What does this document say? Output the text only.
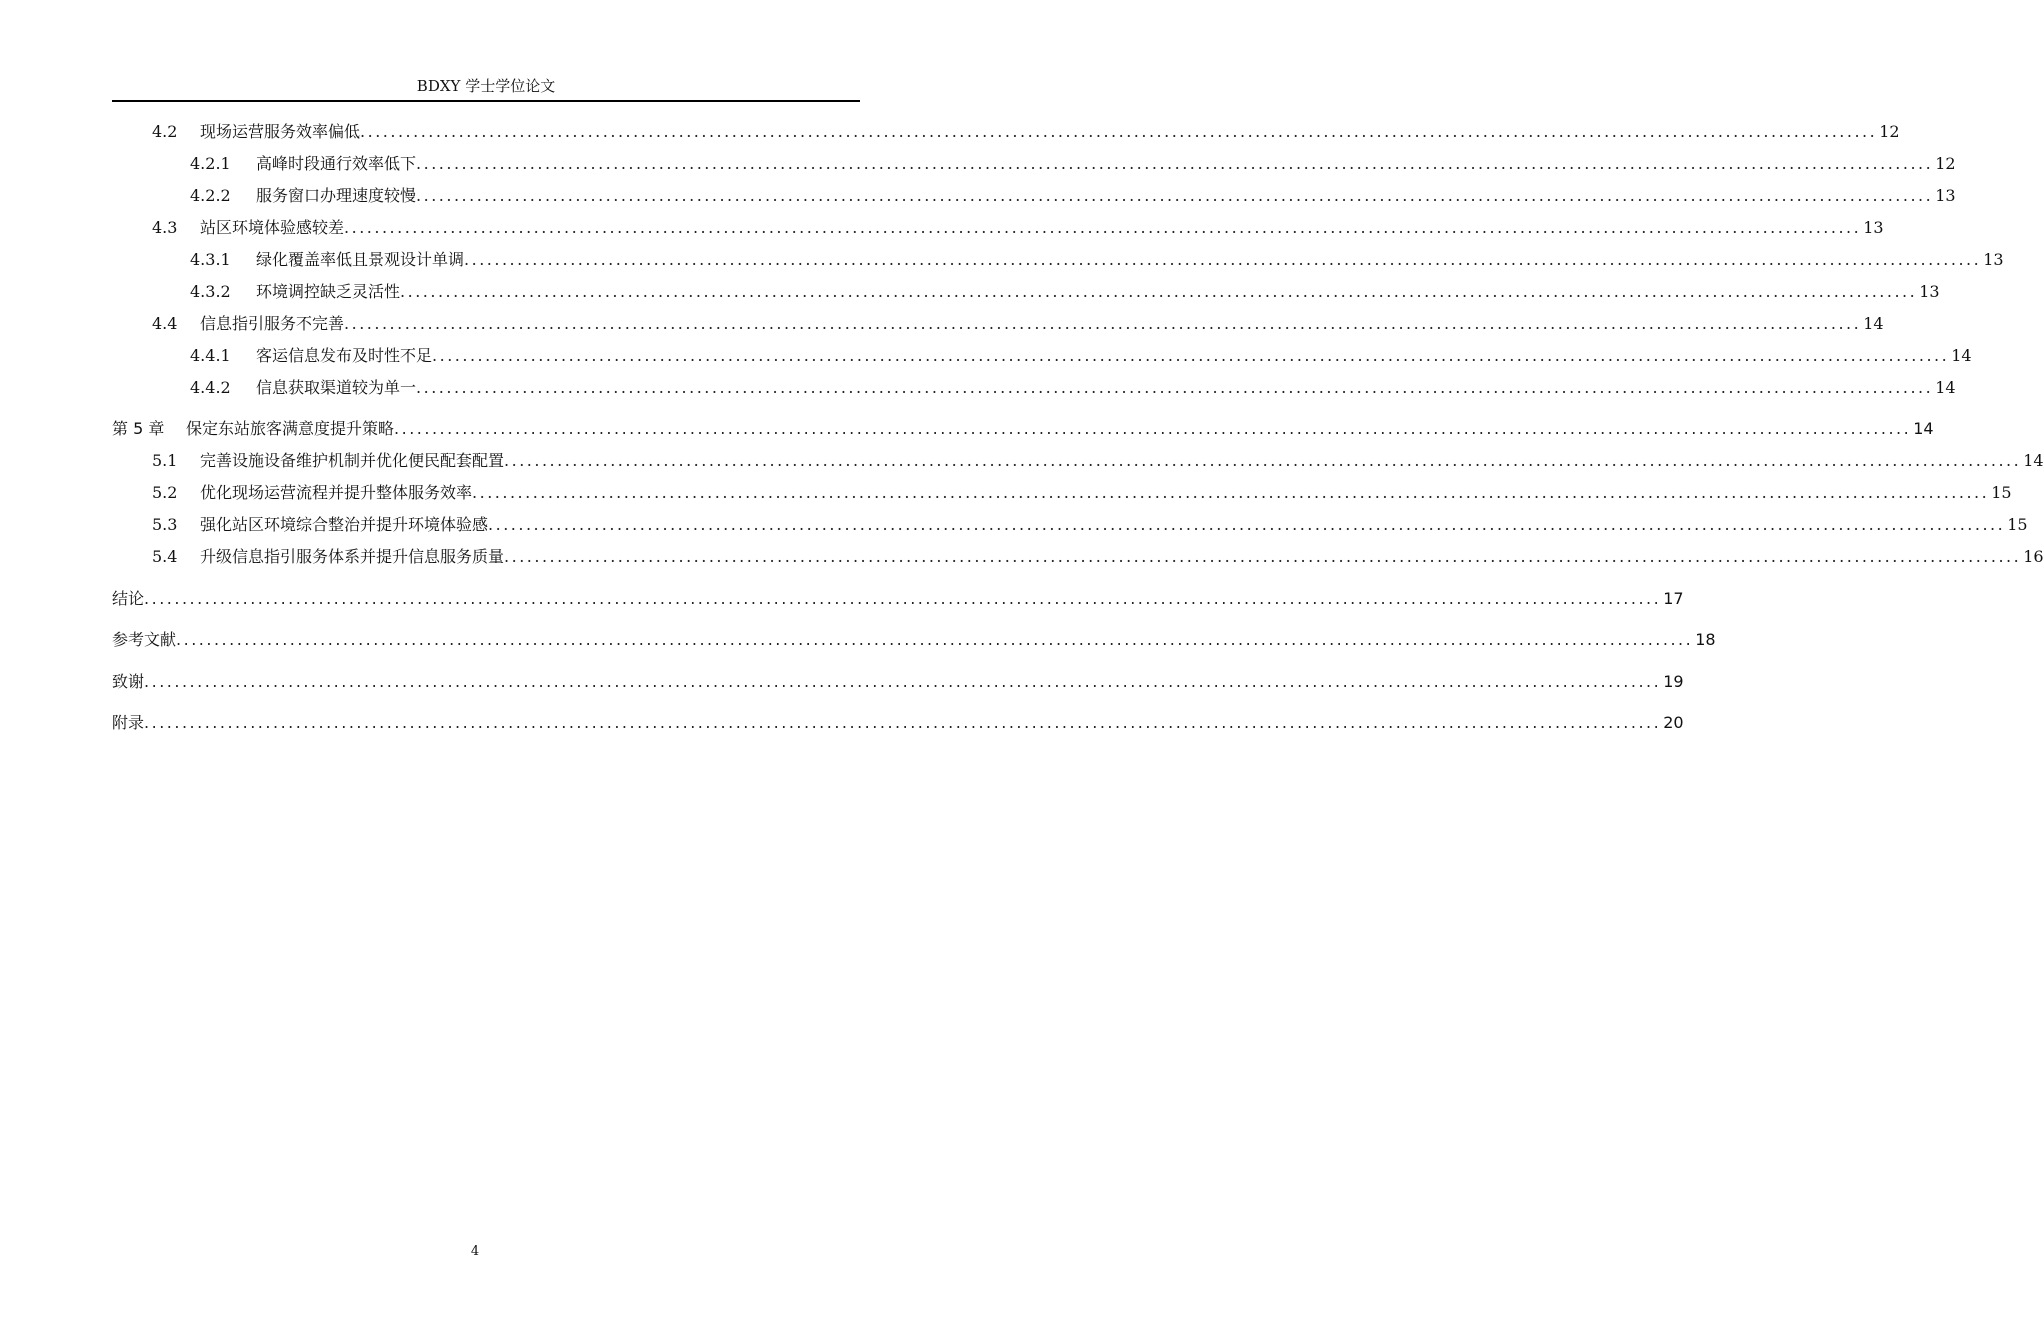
BDXY 学士学位论文
4.2	现场运营服务效率偏低 ........................................................................................................................................................................................................ 12
4.2.1	高峰时段通行效率低下 ........................................................................................................................................................................................................ 12
4.2.2	服务窗口办理速度较慢 ........................................................................................................................................................................................................ 13
4.3	站区环境体验感较差 ........................................................................................................................................................................................................ 13
4.3.1	绿化覆盖率低且景观设计单调 ........................................................................................................................................................................................................ 13
4.3.2	环境调控缺乏灵活性 ........................................................................................................................................................................................................ 13
4.4	信息指引服务不完善 ........................................................................................................................................................................................................ 14
4.4.1	客运信息发布及时性不足 ........................................................................................................................................................................................................ 14
4.4.2	信息获取渠道较为单一 ........................................................................................................................................................................................................ 14
第 5 章	保定东站旅客满意度提升策略 ........................................................................................................................................................................................................ 14
5.1	完善设施设备维护机制并优化便民配套配置 ........................................................................................................................................................................................................ 14
5.2	优化现场运营流程并提升整体服务效率 ........................................................................................................................................................................................................ 15
5.3	强化站区环境综合整治并提升环境体验感 ........................................................................................................................................................................................................ 15
5.4	升级信息指引服务体系并提升信息服务质量 ........................................................................................................................................................................................................ 16
结论 ........................................................................................................................................................................................................ 17
参考文献 ........................................................................................................................................................................................................ 18
致谢 ........................................................................................................................................................................................................ 19
附录 ........................................................................................................................................................................................................ 20
4
